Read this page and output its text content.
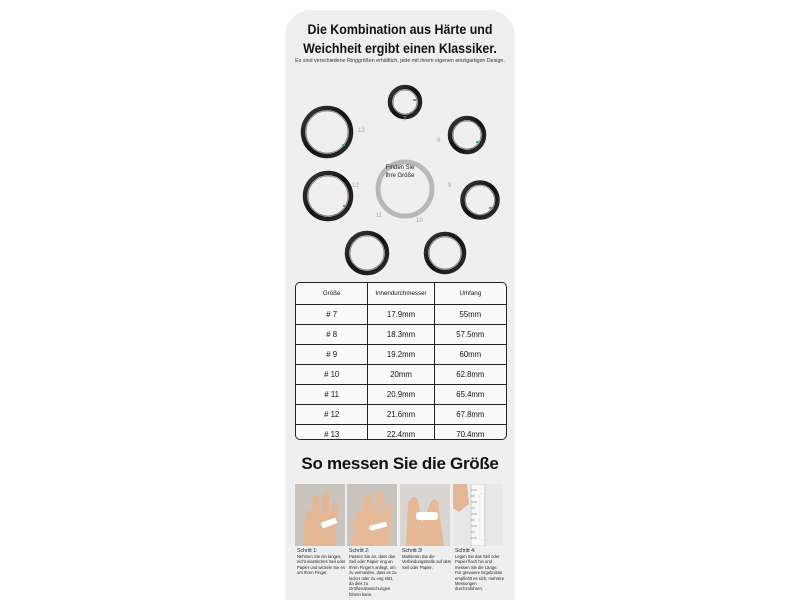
Die Kombination aus Härte und
Weichheit ergibt einen Klassiker.
Es sind verschiedene Ringgrößen erhältlich, jede mit ihrem eigenen einzigartigen Design.
Finden Sie
Ihre Größe
7
8
9
10
11
12
13
Größe	Innendurchmesser	Umfang
# 7	17.9mm	55mm
# 8	18.3mm	57.5mm
# 9	19.2mm	60mm
# 10	20mm	62.8mm
# 11	20.9mm	65.4mm
# 12	21.6mm	67.8mm
# 13	22.4mm	70.4mm
So messen Sie die Größe
Schritt 1:
Nehmen Sie ein langes, nicht elastisches Seil oder Papier und wickeln Sie es um Ihren Finger.
Schritt 2:
Passen Sie an, dass das Seil oder Papier eng an Ihren Fingern anliegt, um zu vermeiden, dass es zu locker oder zu eng sitzt, da dies zu Größenabweichungen führen kann.
Schritt 3!
Markieren Sie die Verbindungsstelle auf dem Seil oder Papier.
Schritt 4:
Legen Sie das Seil oder Papier flach hin und messen Sie die Länge. Für genauere Ergebnisse empfiehlt es sich, mehrere Messungen durchzuführen.
